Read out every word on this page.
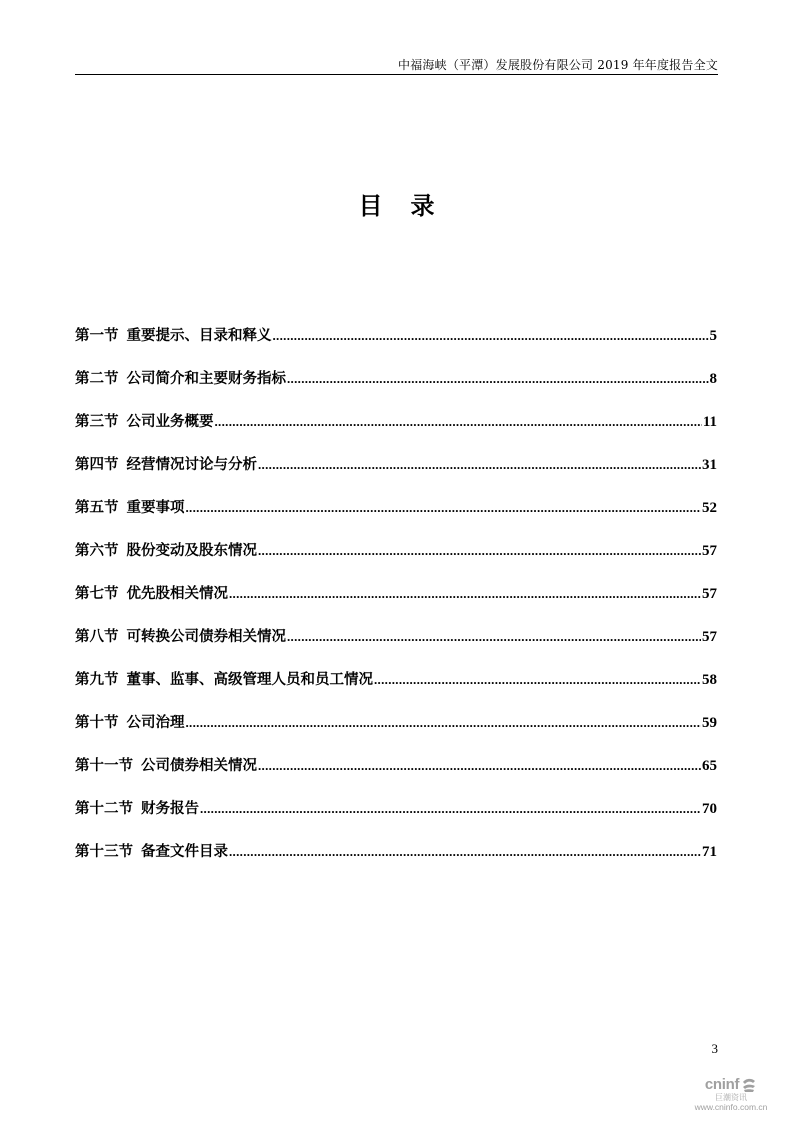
中福海峡（平潭）发展股份有限公司 2019 年年度报告全文
目录
第一节 重要提示、目录和释义 .....	5
第二节 公司简介和主要财务指标 .....	8
第三节 公司业务概要 .....	11
第四节 经营情况讨论与分析 .....	31
第五节 重要事项 .....	52
第六节 股份变动及股东情况 .....	57
第七节 优先股相关情况 .....	57
第八节 可转换公司债券相关情况 .....	57
第九节 董事、监事、高级管理人员和员工情况 .....	58
第十节 公司治理 .....	59
第十一节 公司债券相关情况 .....	65
第十二节 财务报告 .....	70
第十三节 备查文件目录 .....	71
3
cninf
巨潮资讯
www.cninfo.com.cn
